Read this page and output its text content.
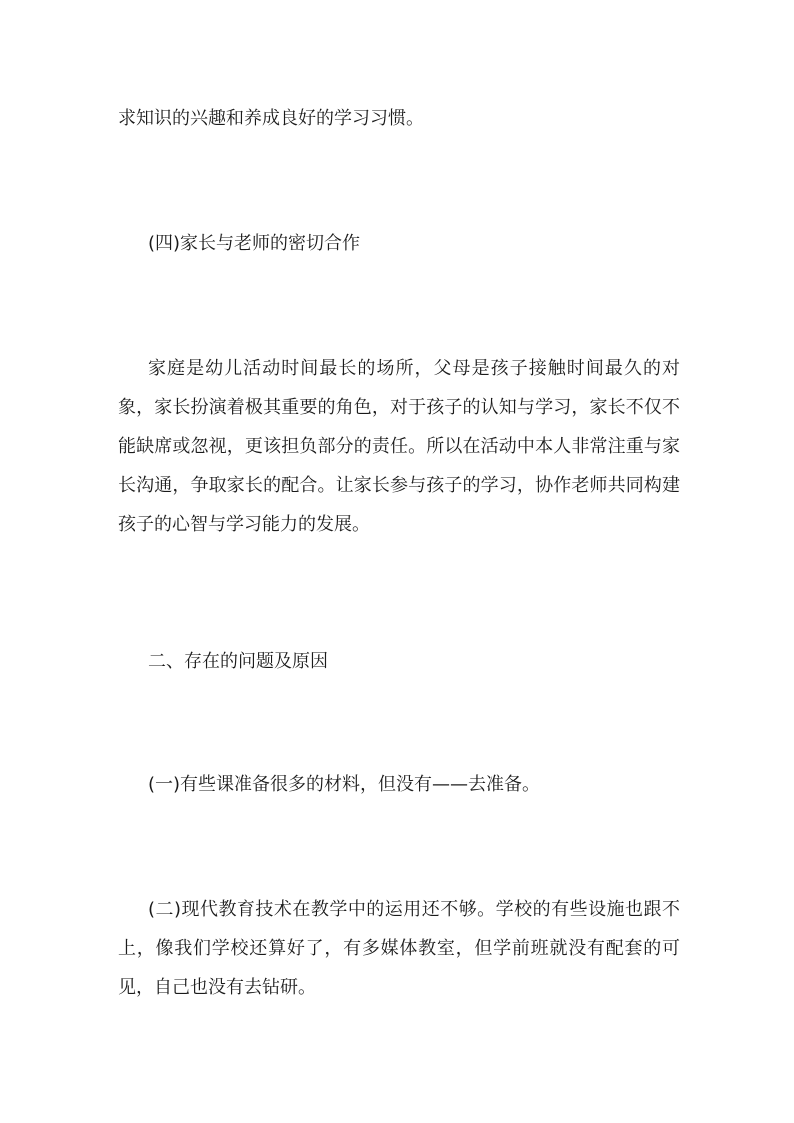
求知识的兴趣和养成良好的学习习惯。

(四)家长与老师的密切合作

家庭是幼儿活动时间最长的场所，父母是孩子接触时间最久的对象，家长扮演着极其重要的角色，对于孩子的认知与学习，家长不仅不能缺席或忽视，更该担负部分的责任。所以在活动中本人非常注重与家长沟通，争取家长的配合。让家长参与孩子的学习，协作老师共同构建孩子的心智与学习能力的发展。

二、存在的问题及原因

(一)有些课准备很多的材料，但没有——去准备。

(二)现代教育技术在教学中的运用还不够。学校的有些设施也跟不上，像我们学校还算好了，有多媒体教室，但学前班就没有配套的可见，自己也没有去钻研。
